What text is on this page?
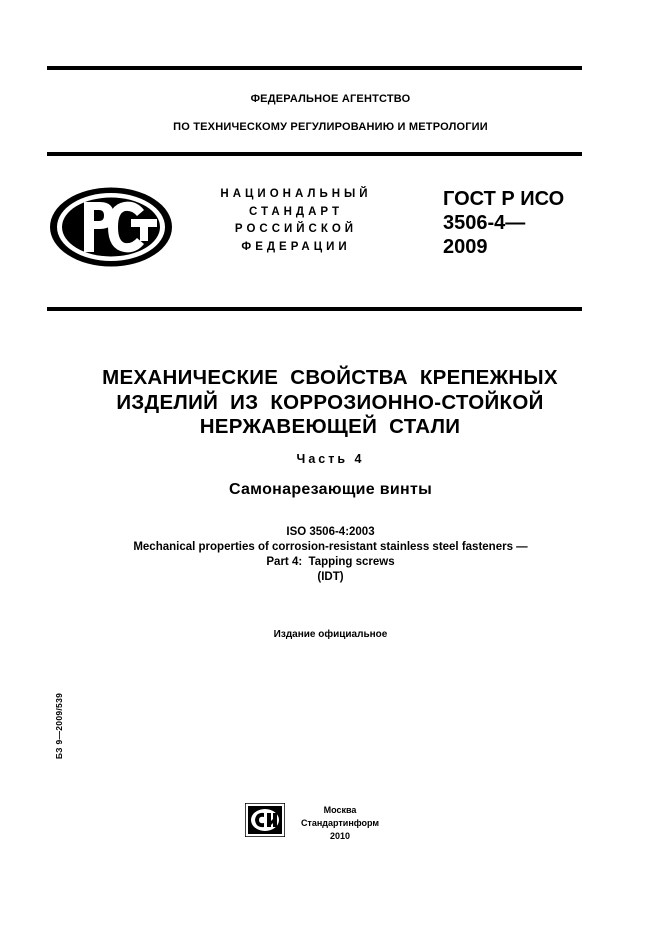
ФЕДЕРАЛЬНОЕ АГЕНТСТВО
ПО ТЕХНИЧЕСКОМУ РЕГУЛИРОВАНИЮ И МЕТРОЛОГИИ
НАЦИОНАЛЬНЫЙ
СТАНДАРТ
РОССИЙСКОЙ
ФЕДЕРАЦИИ
ГОСТ Р ИСО
3506-4—
2009
МЕХАНИЧЕСКИЕ  СВОЙСТВА  КРЕПЕЖНЫХ
ИЗДЕЛИЙ  ИЗ  КОРРОЗИОННО-СТОЙКОЙ
НЕРЖАВЕЮЩЕЙ  СТАЛИ
Часть 4
Самонарезающие винты
ISO 3506-4:2003
Mechanical properties of corrosion-resistant stainless steel fasteners —
Part 4:  Tapping screws
(IDT)
Издание официальное
БЗ 9—2009/539
Москва
Стандартинформ
2010
